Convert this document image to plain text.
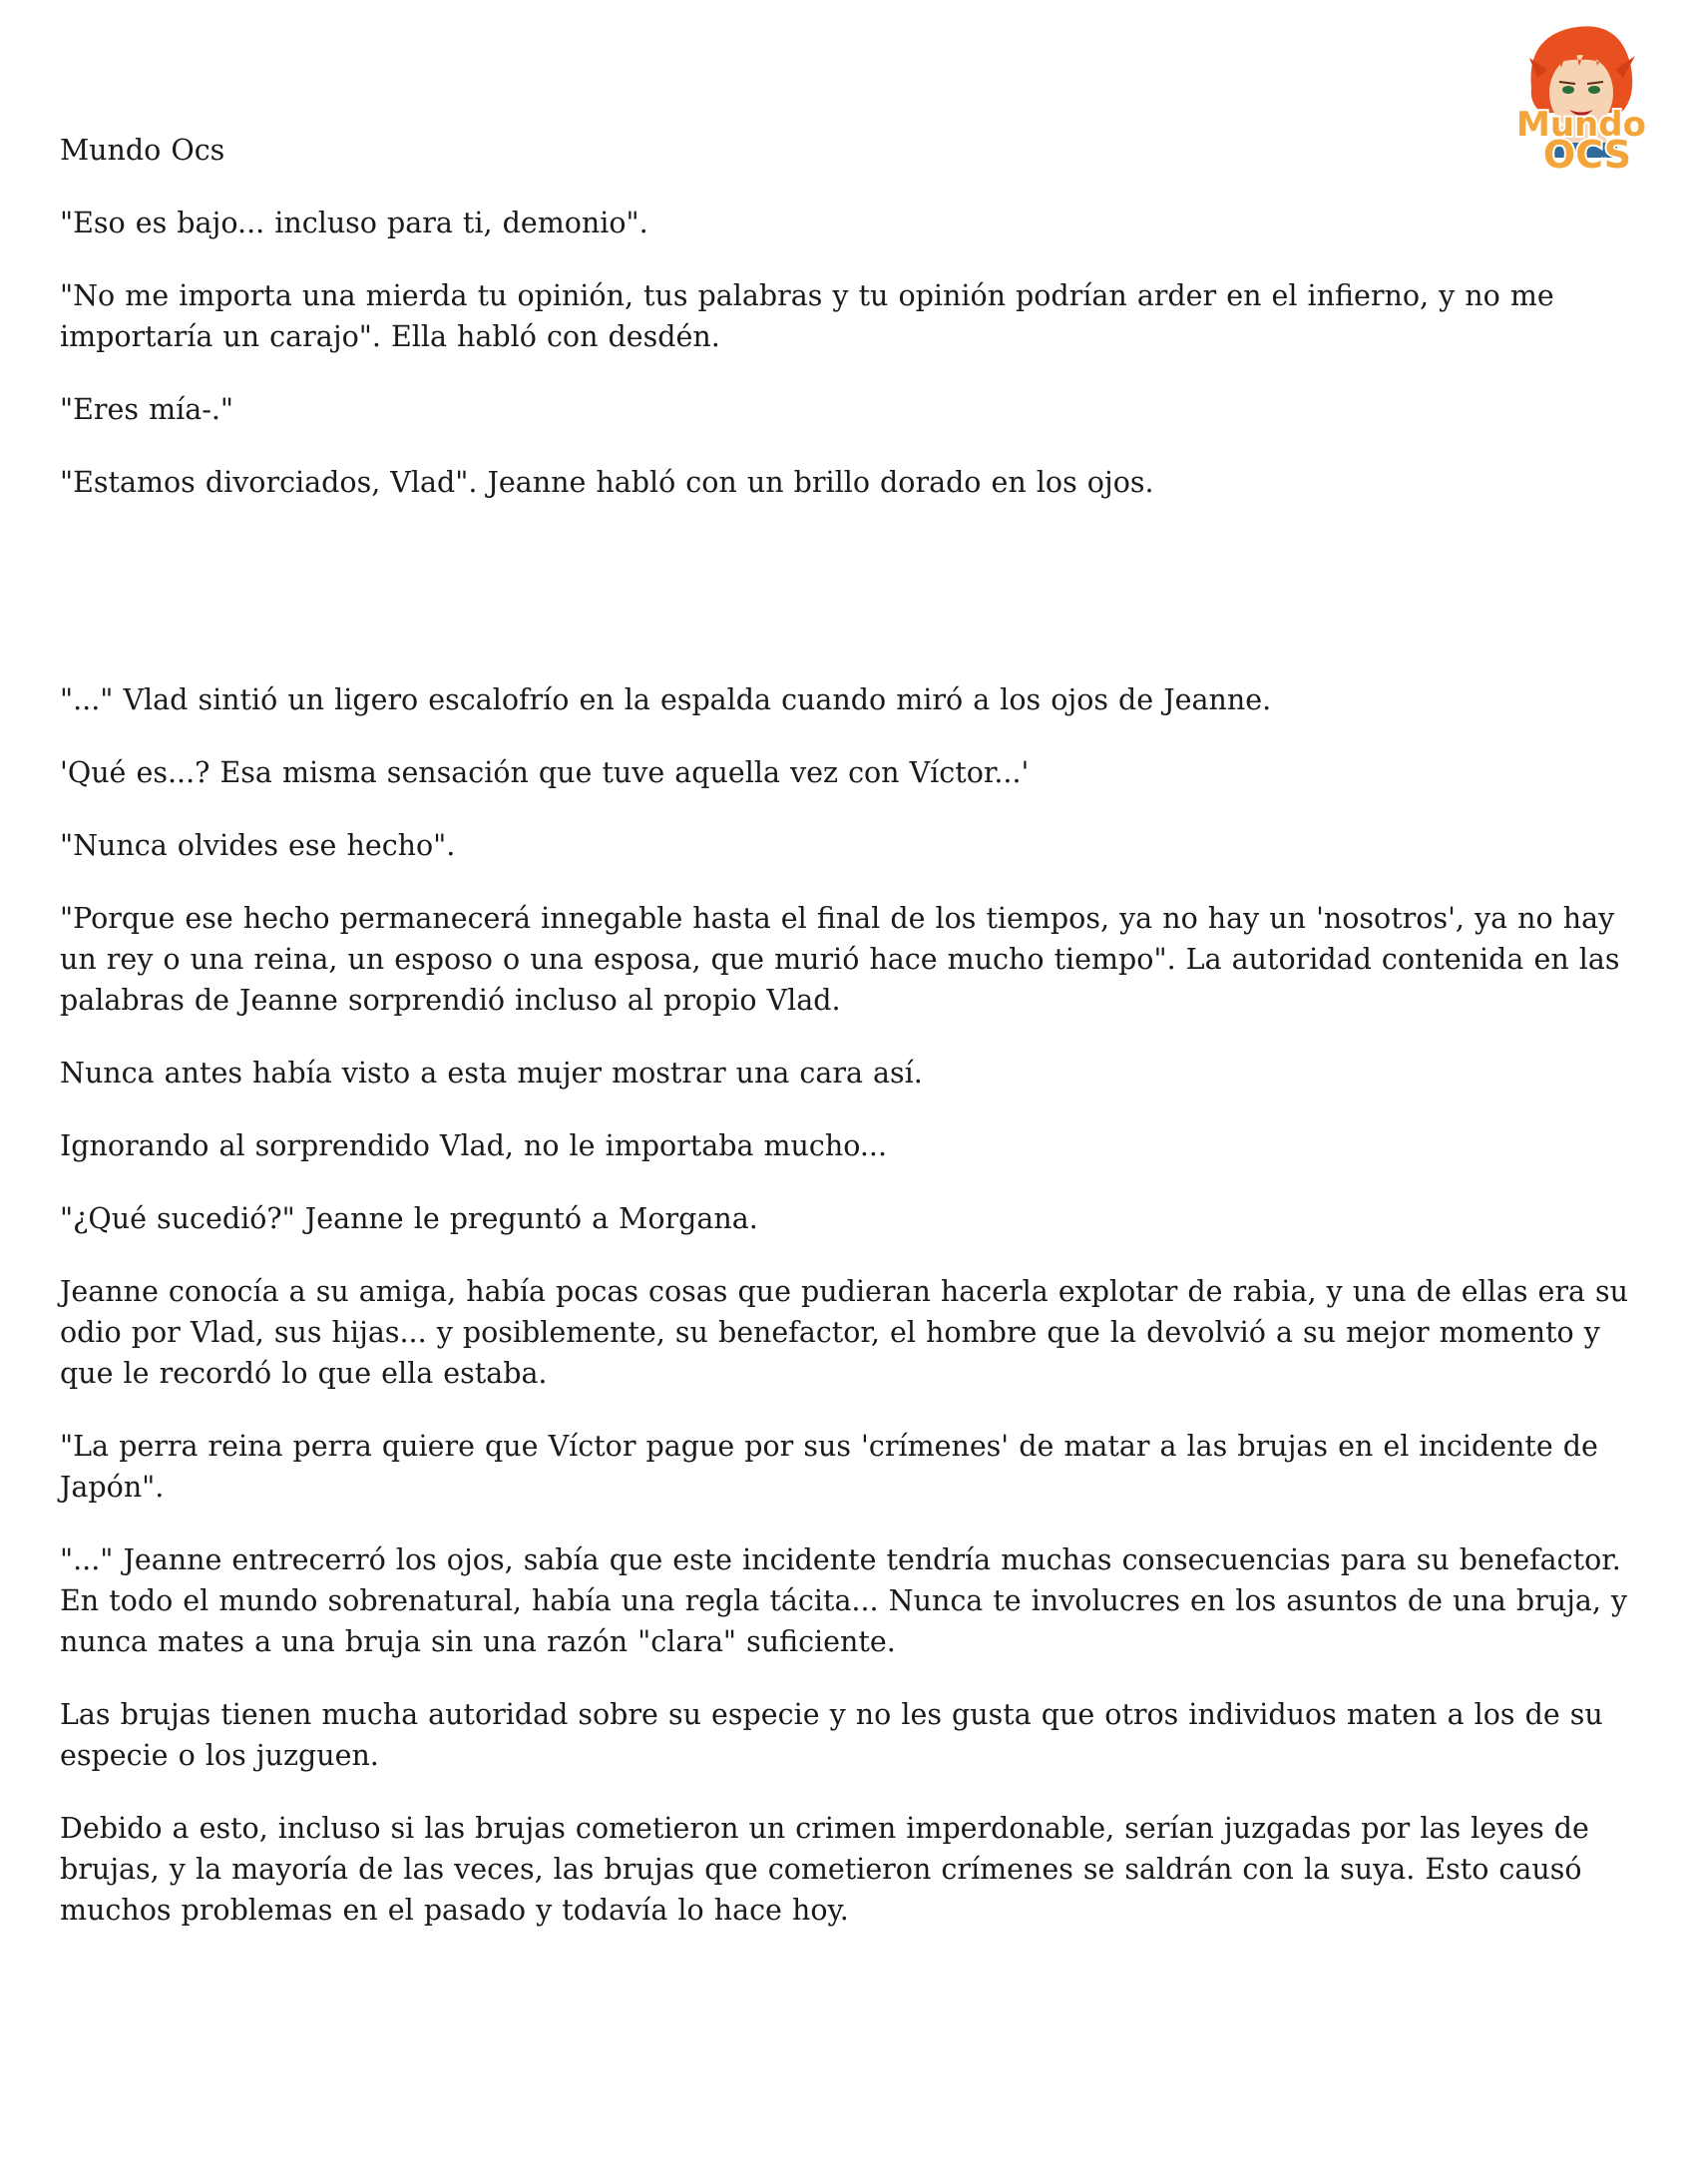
Mundo
OCS

Mundo Ocs

"Eso es bajo... incluso para ti, demonio".

"No me importa una mierda tu opinión, tus palabras y tu opinión podrían arder en el infierno, y no me importaría un carajo". Ella habló con desdén.

"Eres mía-."

"Estamos divorciados, Vlad". Jeanne habló con un brillo dorado en los ojos.

"..." Vlad sintió un ligero escalofrío en la espalda cuando miró a los ojos de Jeanne.

'Qué es...? Esa misma sensación que tuve aquella vez con Víctor...'

"Nunca olvides ese hecho".

"Porque ese hecho permanecerá innegable hasta el final de los tiempos, ya no hay un 'nosotros', ya no hay un rey o una reina, un esposo o una esposa, que murió hace mucho tiempo". La autoridad contenida en las palabras de Jeanne sorprendió incluso al propio Vlad.

Nunca antes había visto a esta mujer mostrar una cara así.

Ignorando al sorprendido Vlad, no le importaba mucho...

"¿Qué sucedió?" Jeanne le preguntó a Morgana.

Jeanne conocía a su amiga, había pocas cosas que pudieran hacerla explotar de rabia, y una de ellas era su odio por Vlad, sus hijas... y posiblemente, su benefactor, el hombre que la devolvió a su mejor momento y que le recordó lo que ella estaba.

"La perra reina perra quiere que Víctor pague por sus 'crímenes' de matar a las brujas en el incidente de Japón".

"..." Jeanne entrecerró los ojos, sabía que este incidente tendría muchas consecuencias para su benefactor. En todo el mundo sobrenatural, había una regla tácita... Nunca te involucres en los asuntos de una bruja, y nunca mates a una bruja sin una razón "clara" suficiente.

Las brujas tienen mucha autoridad sobre su especie y no les gusta que otros individuos maten a los de su especie o los juzguen.

Debido a esto, incluso si las brujas cometieron un crimen imperdonable, serían juzgadas por las leyes de brujas, y la mayoría de las veces, las brujas que cometieron crímenes se saldrán con la suya. Esto causó muchos problemas en el pasado y todavía lo hace hoy.
